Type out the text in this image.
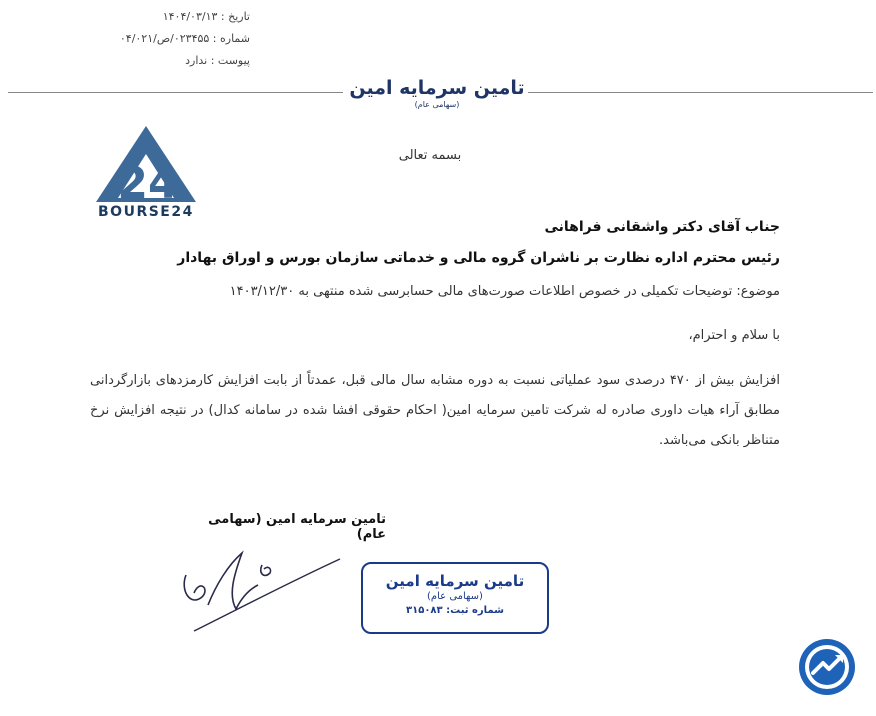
تاریخ : ۱۴۰۴/۰۳/۱۳
شماره : ۰۲۳۴۵۵/ص/۰۴/۰۲۱
پیوست : ندارد
تامین سرمایه امین
(سهامی عام)
24
BOURSE24
بسمه تعالی
جناب آقای دکتر واشقانی فراهانی
رئیس محترم اداره نظارت بر ناشران گروه مالی و خدماتی سازمان بورس و اوراق بهادار
موضوع: توضیحات تکمیلی در خصوص اطلاعات صورت‌های مالی حسابرسی شده منتهی به ۱۴۰۳/۱۲/۳۰
با سلام و احترام،
افزایش بیش از ۴۷۰ درصدی سود عملیاتی نسبت به دوره مشابه سال مالی قبل، عمدتاً از بابت افزایش کارمزدهای بازارگردانی مطابق آراء هیات داوری صادره له شرکت تامین سرمایه امین( احکام حقوقی افشا شده در سامانه کدال) در نتیجه افزایش نرخ متناظر بانکی می‌باشد.
تامین سرمایه امین (سهامی عام)
تامین سرمایه امین
(سهامی عام)
شماره ثبت: ۳۱۵۰۸۳
